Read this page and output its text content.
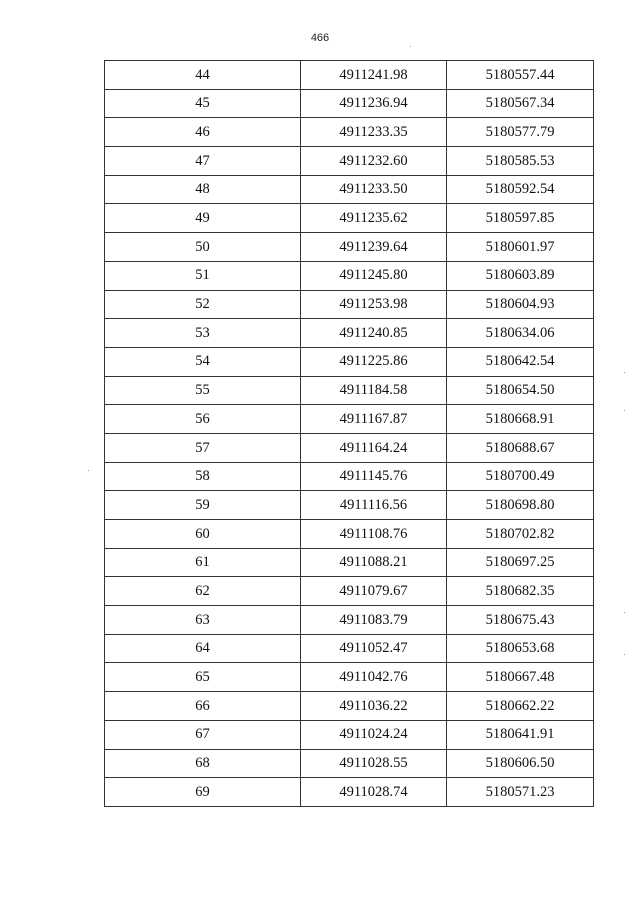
466
44	4911241.98	5180557.44
45	4911236.94	5180567.34
46	4911233.35	5180577.79
47	4911232.60	5180585.53
48	4911233.50	5180592.54
49	4911235.62	5180597.85
50	4911239.64	5180601.97
51	4911245.80	5180603.89
52	4911253.98	5180604.93
53	4911240.85	5180634.06
54	4911225.86	5180642.54
55	4911184.58	5180654.50
56	4911167.87	5180668.91
57	4911164.24	5180688.67
58	4911145.76	5180700.49
59	4911116.56	5180698.80
60	4911108.76	5180702.82
61	4911088.21	5180697.25
62	4911079.67	5180682.35
63	4911083.79	5180675.43
64	4911052.47	5180653.68
65	4911042.76	5180667.48
66	4911036.22	5180662.22
67	4911024.24	5180641.91
68	4911028.55	5180606.50
69	4911028.74	5180571.23
